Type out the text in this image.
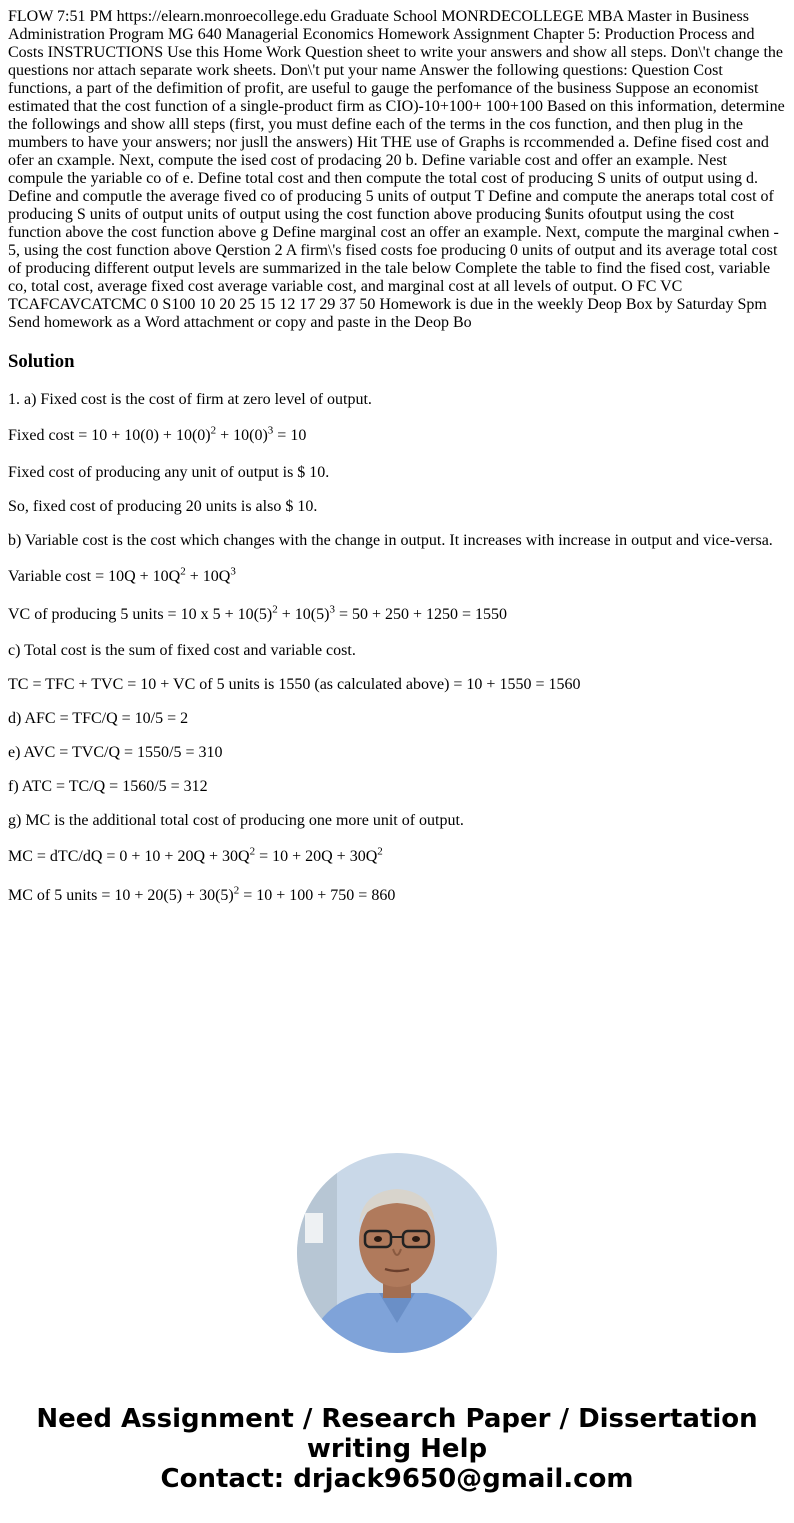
FLOW 7:51 PM https://elearn.monroecollege.edu Graduate School MONRDECOLLEGE MBA Master in Business Administration Program MG 640 Managerial Economics Homework Assignment Chapter 5: Production Process and Costs INSTRUCTIONS Use this Home Work Question sheet to write your answers and show all steps. Don\'t change the questions nor attach separate work sheets. Don\'t put your name Answer the following questions: Question Cost functions, a part of the defimition of profit, are useful to gauge the perfomance of the business Suppose an economist estimated that the cost function of a single-product firm as CIO)-10+100+ 100+100 Based on this information, determine the followings and show alll steps (first, you must define each of the terms in the cos function, and then plug in the mumbers to have your answers; nor jusll the answers) Hit THE use of Graphs is rccommended a. Define fised cost and ofer an cxample. Next, compute the ised cost of prodacing 20 b. Define variable cost and offer an example. Nest compule the yariable co of e. Define total cost and then compute the total cost of producing S units of output using d. Define and computle the average fived co of producing 5 units of output T Define and compute the aneraps total cost of producing S units of output units of output using the cost function above producing $units ofoutput using the cost function above the cost function above g Define marginal cost an offer an example. Next, compute the marginal cwhen - 5, using the cost function above Qerstion 2 A firm\'s fised costs foe producing 0 units of output and its average total cost of producing different output levels are summarized in the tale below Complete the table to find the fised cost, variable co, total cost, average fixed cost average variable cost, and marginal cost at all levels of output. O FC VC TCAFCAVCATCMC 0 S100 10 20 25 15 12 17 29 37 50 Homework is due in the weekly Deop Box by Saturday Spm Send homework as a Word attachment or copy and paste in the Deop Bo

Solution

1. a) Fixed cost is the cost of firm at zero level of output.

Fixed $\cos t = 10 + 10(0) + 10(0)^2 + 10(0)^3 = 10$

Fixed cost of producing any unit of output is $ 10.

So, fixed cost of producing 20 units is also $ 10.

b) Variable cost is the cost which changes with the change in output. It increases with increase in output and vice-versa.

Variable $\cos t = 10Q + 10Q^2 + 10Q^3$

VC of producing 5 units = 10 x $5 + 10(5)^2 + 10(5)^3 = 50 + 250 + 1250 = 1550$

c) Total cost is the sum of fixed cost and variable cost.

TC = TFC + TVC = 10 + VC of 5 units is 1550 (as calculated above) = 10 + 1550 = 1560

d) AFC = TFC/Q = 10/5 = 2

e) AVC = TVC/Q = 1550/5 = 310

f) ATC = TC/Q = 1560/5 = 312

g) MC is the additional total cost of producing one more unit of output.

MC = $dTC/dQ = 0 + 10 + 20Q + 30Q^2 = 10 + 20Q + 30Q^2$

MC of 5 units = $10 + 20(5) + 30(5)^2 = 10 + 100 + 750 = 860$

Need Assignment / Research Paper / Dissertation
writing Help
Contact: drjack9650@gmail.com
